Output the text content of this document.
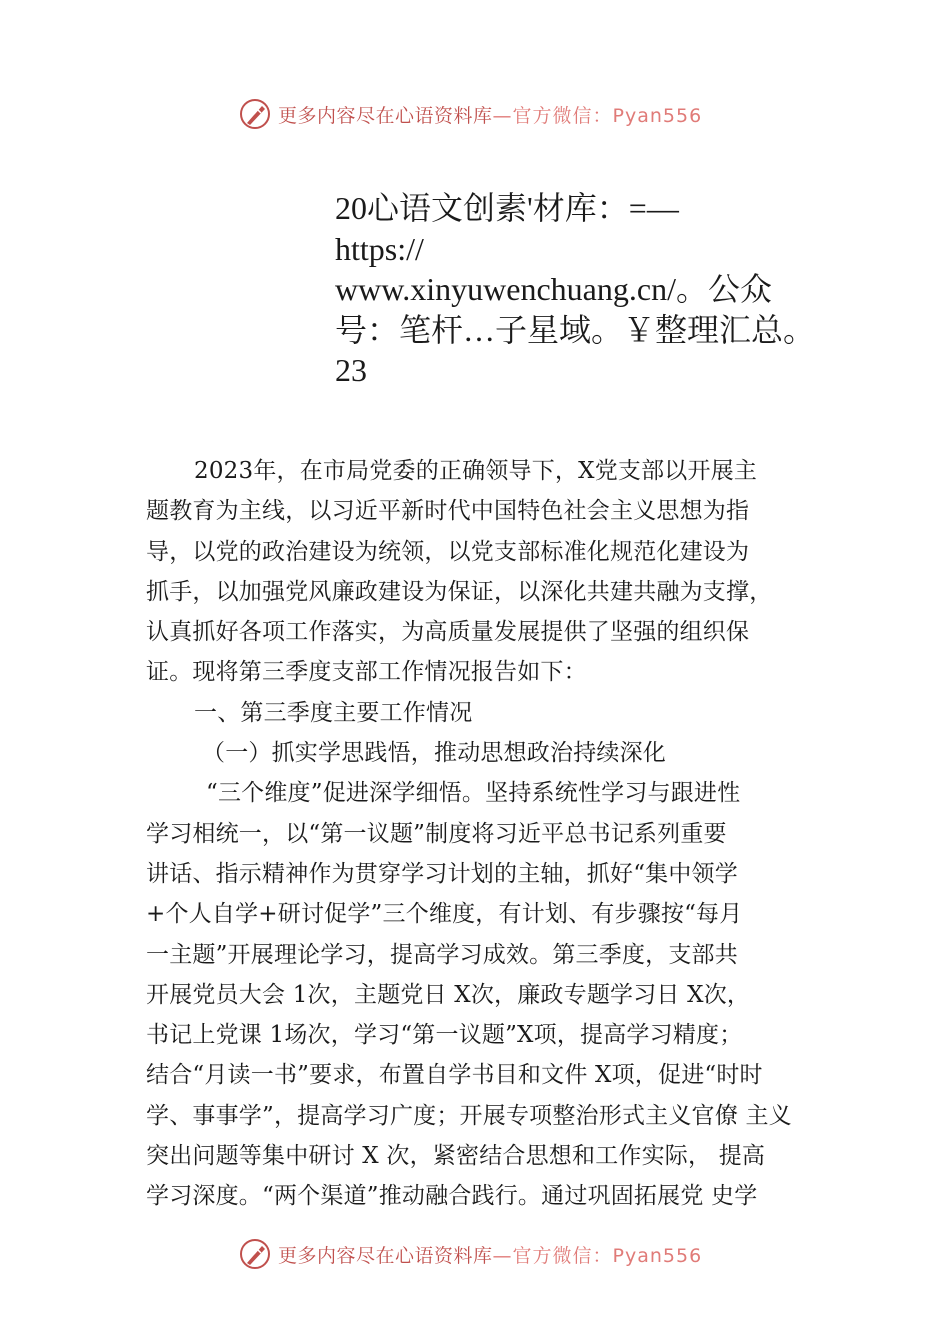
更多内容尽在心语资料库 —官方微信：Pyan556
20心语文创素'材库：=—
https://
www.xinyuwenchuang.cn/。公众
号：笔杆…子星域。￥整理汇总。
23
2023年，在市局党委的正确领导下，X党支部以开展主
题教育为主线，以习近平新时代中国特色社会主义思想为指
导，以党的政治建设为统领，以党支部标准化规范化建设为
抓手，以加强党风廉政建设为保证，以深化共建共融为支撑，
认真抓好各项工作落实，为高质量发展提供了坚强的组织保
证。现将第三季度支部工作情况报告如下：
一、第三季度主要工作情况
（一）抓实学思践悟，推动思想政治持续深化
“三个维度”促进深学细悟。坚持系统性学习与跟进性
学习相统一，以“第一议题”制度将习近平总书记系列重要
讲话、指示精神作为贯穿学习计划的主轴，抓好“集中领学
+个人自学+研讨促学”三个维度，有计划、有步骤按“每月
一主题”开展理论学习，提高学习成效。第三季度，支部共
开展党员大会 1次，主题党日 X次，廉政专题学习日 X次，
书记上党课 1场次，学习“第一议题”X项，提高学习精度；
结合“月读一书”要求，布置自学书目和文件 X项，促进“时时
学、事事学”，提高学习广度；开展专项整治形式主义官僚 主义
突出问题等集中研讨 X 次，紧密结合思想和工作实际， 提高
学习深度。“两个渠道”推动融合践行。通过巩固拓展党 史学
更多内容尽在心语资料库 —官方微信：Pyan556
